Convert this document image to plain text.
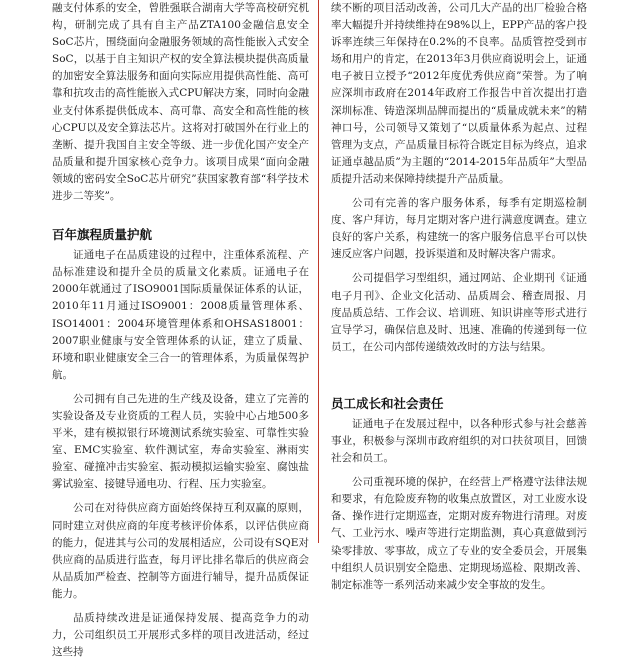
融支付体系的安全，曾胜强联合湖南大学等高校研究机构，研制完成了具有自主产品ZTA100金融信息安全SoC芯片，围绕面向金融服务领域的高性能嵌入式安全SoC，以基于自主知识产权的安全算法模块提供高质量的加密安全算法服务和面向实际应用提供高性能、高可靠和抗攻击的高性能嵌入式CPU解决方案，同时向金融业支付体系提供低成本、高可靠、高安全和高性能的核心CPU以及安全算法芯片。这将对打破国外在行业上的垄断、提升我国自主安全等级、进一步优化国产安全产品质量和提升国家核心竞争力。该项目成果“面向金融领域的密码安全SoC芯片研究”获国家教育部“科学技术进步二等奖”。

百年旗程质量护航

证通电子在品质建设的过程中，注重体系流程、产品标准建设和提升全员的质量文化素质。证通电子在2000年就通过了ISO9001国际质量保证体系的认证，2010年11月通过ISO9001：2008质量管理体系、ISO14001：2004环境管理体系和OHSAS18001：2007职业健康与安全管理体系的认证，建立了质量、环境和职业健康安全三合一的管理体系，为质量保驾护航。

公司拥有自己先进的生产线及设备，建立了完善的实验设备及专业资质的工程人员，实验中心占地500多平米，建有模拟银行环境测试系统实验室、可靠性实验室、EMC实验室、软件测试室，寿命实验室、淋雨实验室、碰撞冲击实验室、振动模拟运输实验室、腐蚀盐雾试验室、接键导通电功、行程、压力实验室。

公司在对待供应商方面始终保持互利双赢的原则，同时建立对供应商的年度考核评价体系，以评估供应商的能力，促进其与公司的发展相适应，公司设有SQE对供应商的品质进行监查，每月评比排名靠后的供应商会从品质加严检查、控制等方面进行辅导，提升品质保证能力。

品质持续改进是证通保持发展、提高竞争力的动力，公司组织员工开展形式多样的项目改进活动，经过这些持

续不断的项目活动改善，公司几大产品的出厂检验合格率大幅提升并持续维持在98%以上，EPP产品的客户投诉率连续三年保持在0.2%的不良率。品质管控受到市场和用户的肯定，在2013年3月供应商说明会上，证通电子被日立授予“2012年度优秀供应商”荣誉。为了响应深圳市政府在2014年政府工作报告中首次提出打造深圳标准、铸造深圳品牌而提出的“质量成就未来”的精神口号，公司领导又策划了“以质量体系为起点、过程管理为支点，产品质量目标符合既定目标为终点，追求证通卓越品质”为主题的“2014-2015年品质年”大型品质提升活动来保障持续提升产品质量。

公司有完善的客户服务体系，每季有定期巡检制度、客户拜访，每月定期对客户进行满意度调查。建立良好的客户关系，构建统一的客户服务信息平台可以快速反应客户问题，投诉渠道和及时解决客户需求。

公司提倡学习型组织，通过网站、企业期刊《证通电子月刊》、企业文化活动、品质周会、稽查周报、月度品质总结、工作会议、培训班、知识讲座等形式进行宣导学习，确保信息及时、迅速、准确的传递到每一位员工，在公司内部传递绩效改时的方法与结果。

员工成长和社会责任

证通电子在发展过程中，以各种形式参与社会慈善事业，积极参与深圳市政府组织的对口扶贫项目，回馈社会和员工。

公司重视环境的保护，在经营上严格遵守法律法规和要求，有危险废弃物的收集点放置区，对工业废水设备、操作进行定期巡查，定期对废弃物进行清理。对废气、工业污水、噪声等进行定期监测，真心真意做到污染零排放、零事故，成立了专业的安全委员会，开展集中组织人员识别安全隐患、定期现场巡检、限期改善、制定标准等一系列活动来减少安全事故的发生。
